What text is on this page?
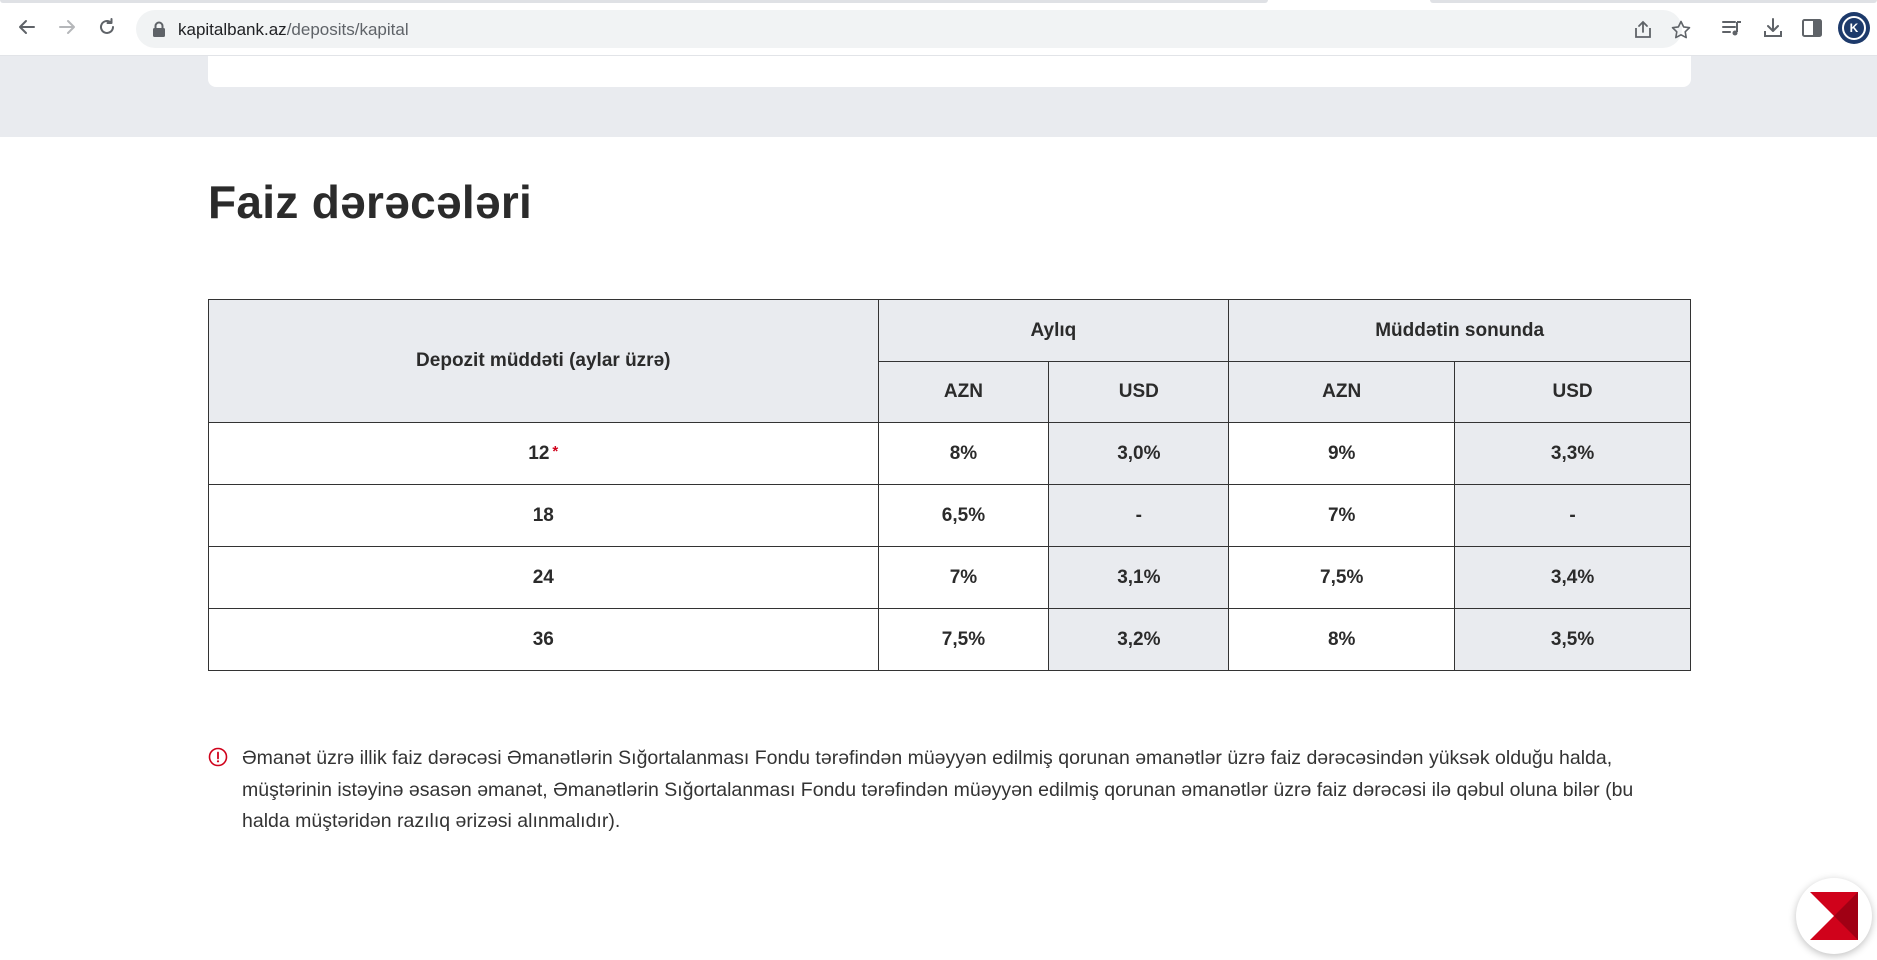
kapitalbank.az/deposits/kapital	K
Faiz dərəcələri
Depozit müddəti (aylar üzrə)	Aylıq		Müddətin sonunda	
	AZN	USD	AZN	USD
12 *	8%	3,0%	9%	3,3%
18	6,5%	-	7%	-
24	7%	3,1%	7,5%	3,4%
36	7,5%	3,2%	8%	3,5%

Əmanət üzrə illik faiz dərəcəsi Əmanətlərin Sığortalanması Fondu tərəfindən müəyyən edilmiş qorunan əmanətlər üzrə faiz dərəcəsindən yüksək olduğu halda, müştərinin istəyinə əsasən əmanət, Əmanətlərin Sığortalanması Fondu tərəfindən müəyyən edilmiş qorunan əmanətlər üzrə faiz dərəcəsi ilə qəbul oluna bilər (bu halda müştəridən razılıq ərizəsi alınmalıdır).
